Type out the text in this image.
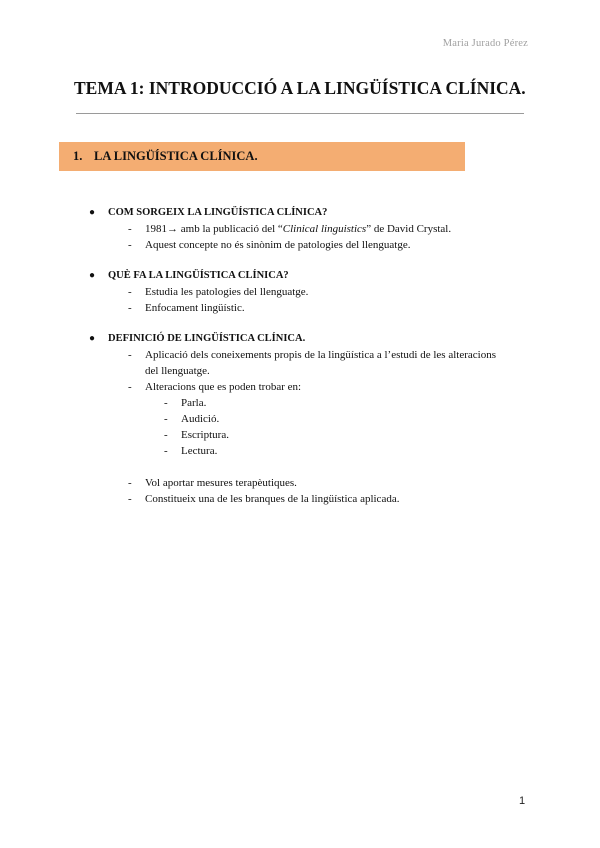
Maria Jurado Pérez
TEMA 1: INTRODUCCIÓ A LA LINGÜÍSTICA CLÍNICA.
1. LA LINGÜÍSTICA CLÍNICA.
● COM SORGEIX LA LINGÜÍSTICA CLÍNICA?
- 1981→ amb la publicació del “Clinical linguistics” de David Crystal.
- Aquest concepte no és sinònim de patologies del llenguatge.
● QUÈ FA LA LINGÜÍSTICA CLÍNICA?
- Estudia les patologies del llenguatge.
- Enfocament lingüístic.
● DEFINICIÓ DE LINGÜÍSTICA CLÍNICA.
- Aplicació dels coneixements propis de la lingüística a l’estudi de les alteracions del llenguatge.
- Alteracions que es poden trobar en:
- Parla.
- Audició.
- Escriptura.
- Lectura.
- Vol aportar mesures terapèutiques.
- Constitueix una de les branques de la lingüística aplicada.
1
